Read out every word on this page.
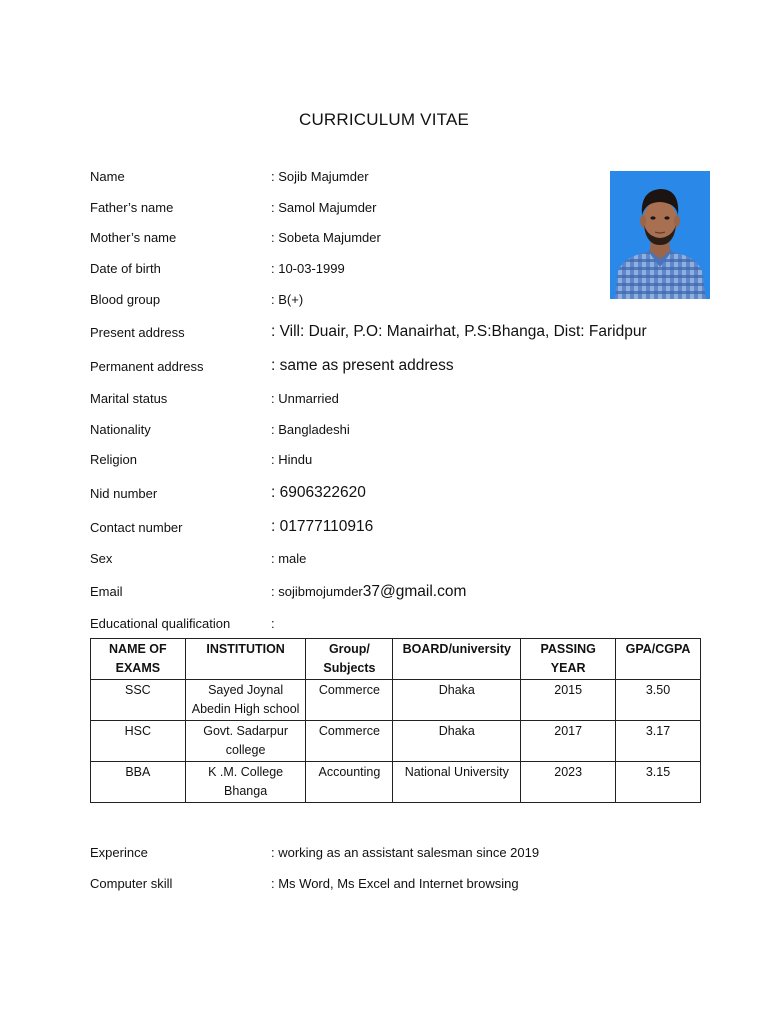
CURRICULUM VITAE
Name	: Sojib Majumder
Father’s name	: Samol Majumder
Mother’s name	: Sobeta Majumder
Date of birth	: 10-03-1999
Blood group	: B(+)
Present address	: Vill: Duair, P.O: Manairhat, P.S:Bhanga, Dist: Faridpur
Permanent address	: same as present address
Marital status	: Unmarried
Nationality	: Bangladeshi
Religion	: Hindu
Nid number	: 6906322620
Contact number	: 01777110916
Sex	: male
Email	: sojibmojumder37@gmail.com
Educational qualification	:
NAME OF EXAMS	INSTITUTION	Group/ Subjects	BOARD/university	PASSING YEAR	GPA/CGPA
SSC	Sayed Joynal Abedin High school	Commerce	Dhaka	2015	3.50
HSC	Govt. Sadarpur college	Commerce	Dhaka	2017	3.17
BBA	K .M. College Bhanga	Accounting	National University	2023	3.15
Experince	: working as an assistant salesman since 2019
Computer skill	: Ms Word, Ms Excel and Internet browsing
